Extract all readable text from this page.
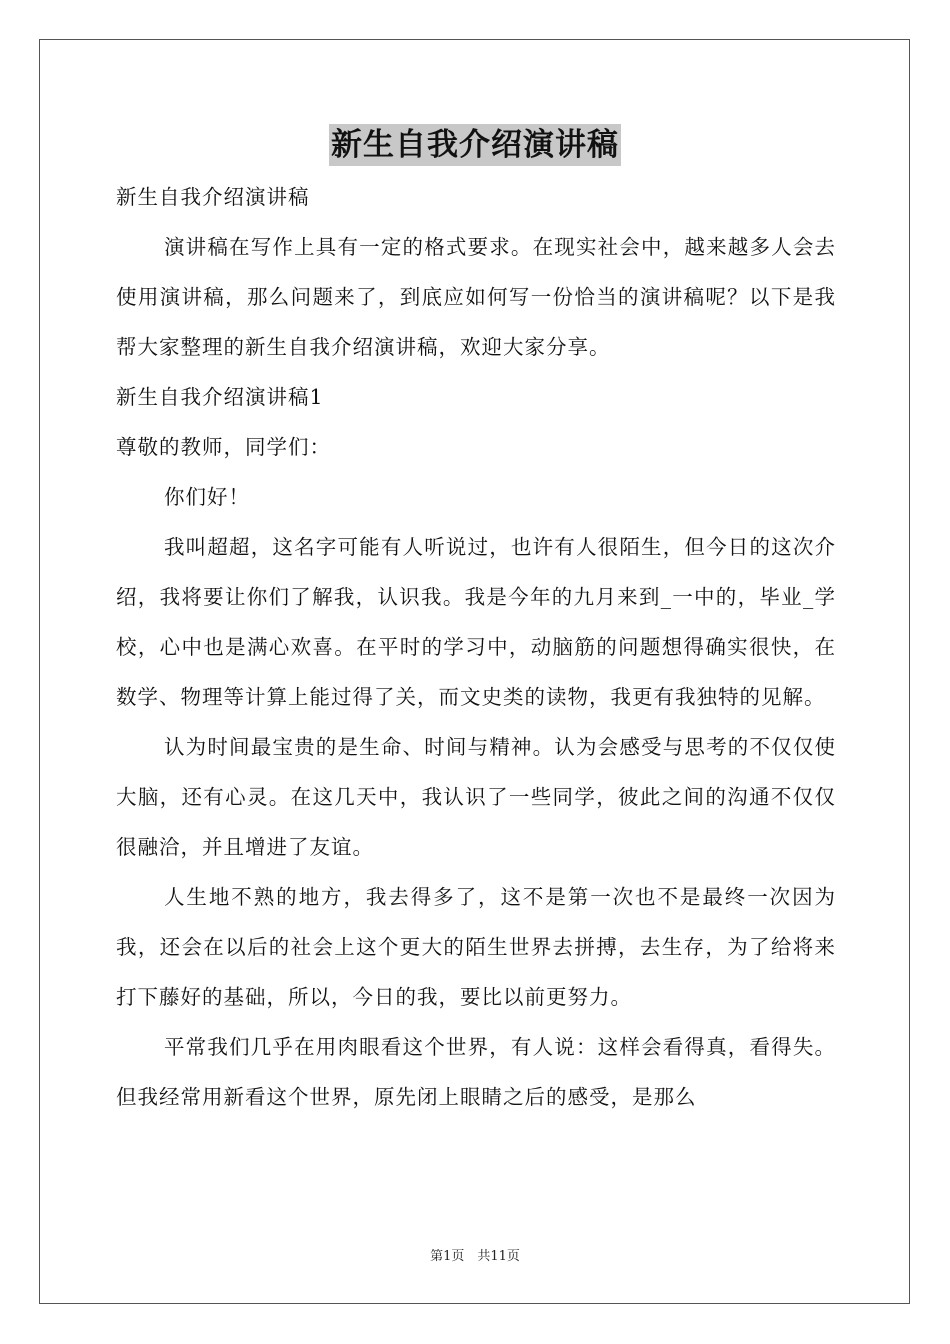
新生自我介绍演讲稿

新生自我介绍演讲稿

演讲稿在写作上具有一定的格式要求。在现实社会中，越来越多人会去使用演讲稿，那么问题来了，到底应如何写一份恰当的演讲稿呢？以下是我帮大家整理的新生自我介绍演讲稿，欢迎大家分享。

新生自我介绍演讲稿1

尊敬的教师，同学们：

你们好！

我叫超超，这名字可能有人听说过，也许有人很陌生，但今日的这次介绍，我将要让你们了解我，认识我。我是今年的九月来到_一中的，毕业_学校，心中也是满心欢喜。在平时的学习中，动脑筋的问题想得确实很快，在数学、物理等计算上能过得了关，而文史类的读物，我更有我独特的见解。

认为时间最宝贵的是生命、时间与精神。认为会感受与思考的不仅仅使大脑，还有心灵。在这几天中，我认识了一些同学，彼此之间的沟通不仅仅很融洽，并且增进了友谊。

人生地不熟的地方，我去得多了，这不是第一次也不是最终一次因为我，还会在以后的社会上这个更大的陌生世界去拼搏，去生存，为了给将来打下藤好的基础，所以，今日的我，要比以前更努力。

平常我们几乎在用肉眼看这个世界，有人说：这样会看得真，看得失。但我经常用新看这个世界，原先闭上眼睛之后的感受，是那么

第1页　共11页
